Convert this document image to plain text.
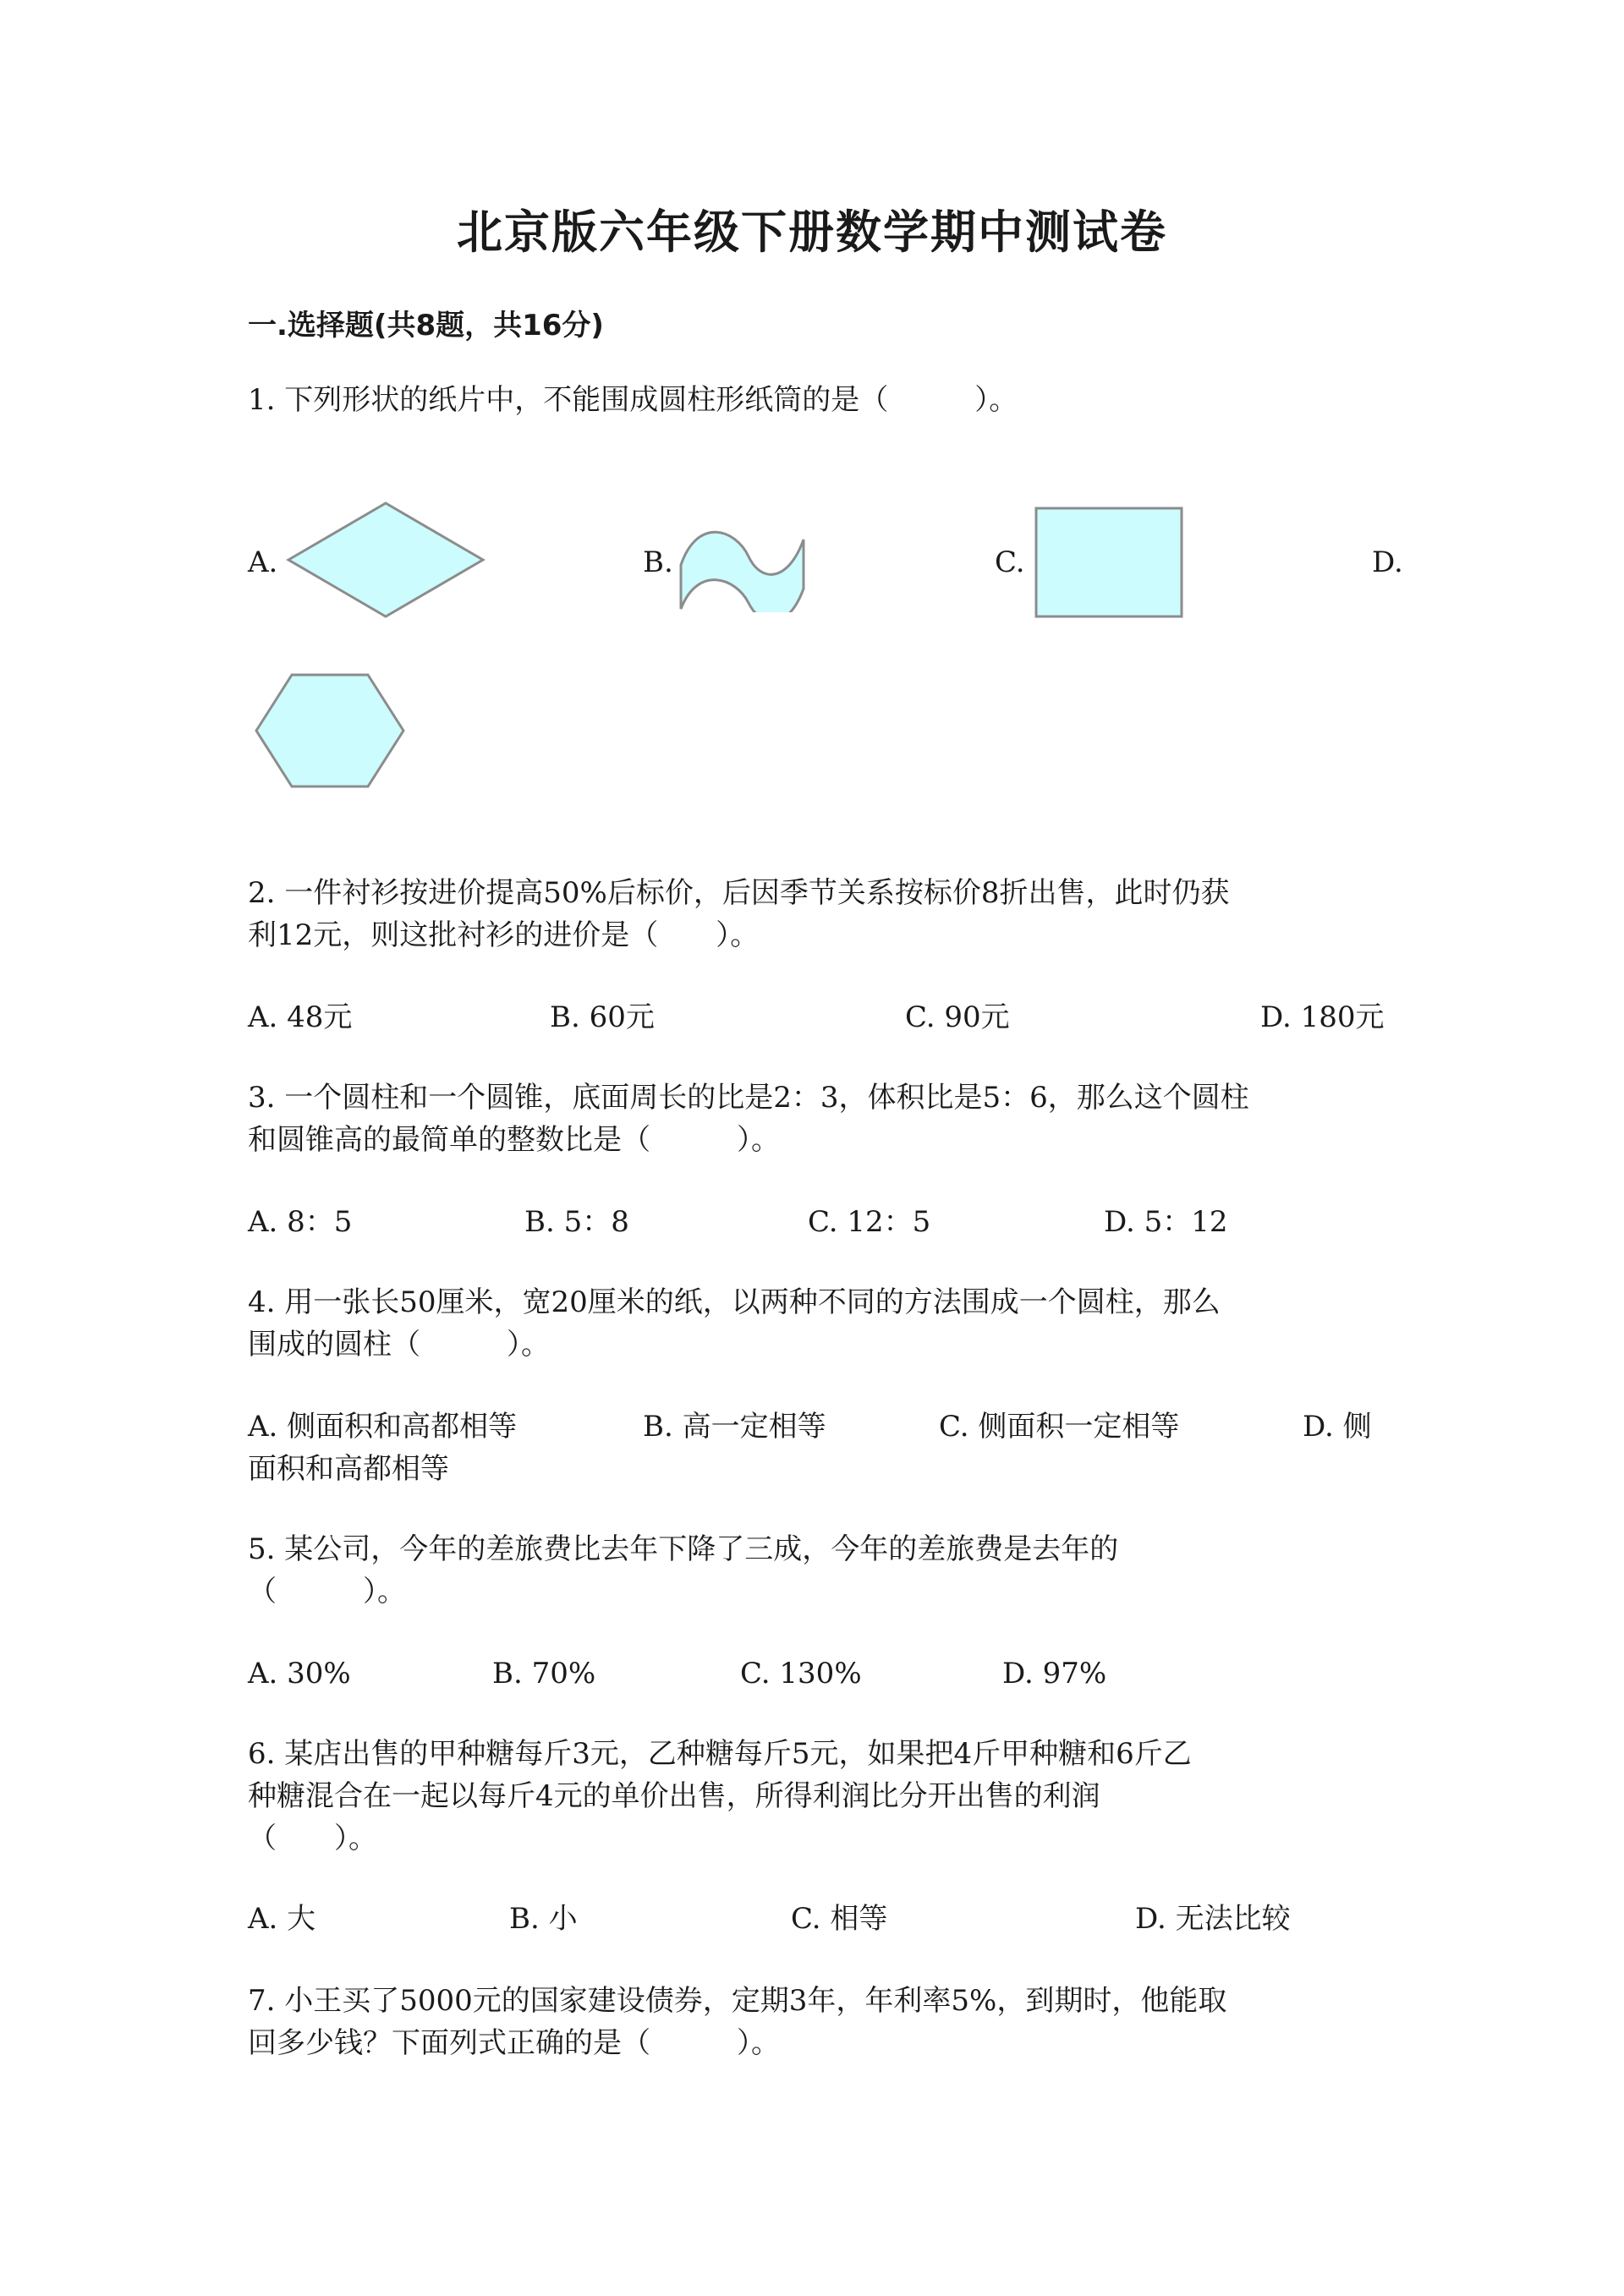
北京版六年级下册数学期中测试卷
一.选择题(共8题，共16分)
1. 下列形状的纸片中，不能围成圆柱形纸筒的是（　　　）。
A.	B.	C.	D.
2. 一件衬衫按进价提高50%后标价，后因季节关系按标价8折出售，此时仍获
利12元，则这批衬衫的进价是（　　）。
A. 48元	B. 60元	C. 90元	D. 180元
3. 一个圆柱和一个圆锥，底面周长的比是2：3，体积比是5：6，那么这个圆柱
和圆锥高的最简单的整数比是（　　　）。
A. 8：5	B. 5：8	C. 12：5	D. 5：12
4. 用一张长50厘米，宽20厘米的纸，以两种不同的方法围成一个圆柱，那么
围成的圆柱（　　　）。
A. 侧面积和高都相等	B. 高一定相等	C. 侧面积一定相等	D. 侧
面积和高都相等
5. 某公司，今年的差旅费比去年下降了三成，今年的差旅费是去年的
（　　　）。
A. 30%	B. 70%	C. 130%	D. 97%
6. 某店出售的甲种糖每斤3元，乙种糖每斤5元，如果把4斤甲种糖和6斤乙
种糖混合在一起以每斤4元的单价出售，所得利润比分开出售的利润
（　　）。
A. 大	B. 小	C. 相等	D. 无法比较
7. 小王买了5000元的国家建设债券，定期3年，年利率5%，到期时，他能取
回多少钱？下面列式正确的是（　　　）。
